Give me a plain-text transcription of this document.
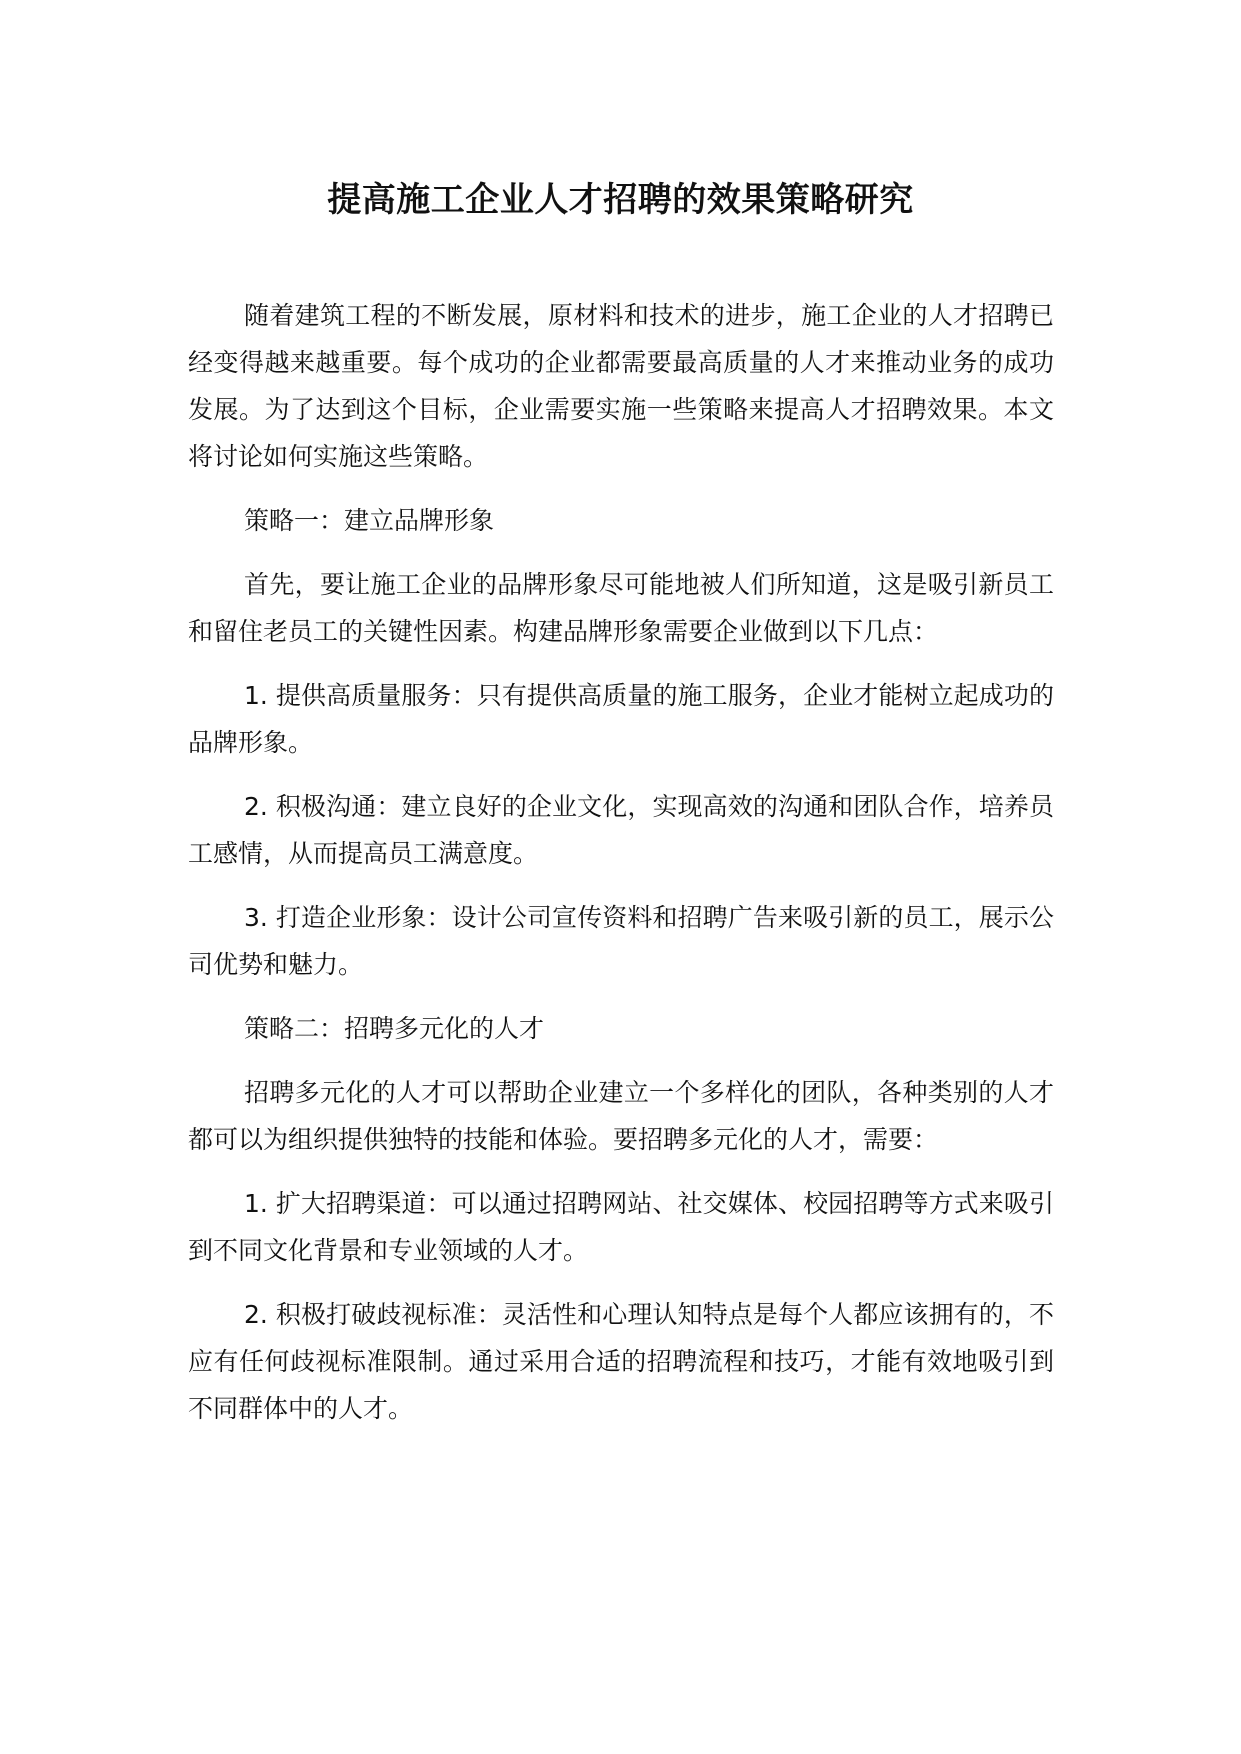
提高施工企业人才招聘的效果策略研究

随着建筑工程的不断发展，原材料和技术的进步，施工企业的人才招聘已经变得越来越重要。每个成功的企业都需要最高质量的人才来推动业务的成功发展。为了达到这个目标，企业需要实施一些策略来提高人才招聘效果。本文将讨论如何实施这些策略。

策略一：建立品牌形象

首先，要让施工企业的品牌形象尽可能地被人们所知道，这是吸引新员工和留住老员工的关键性因素。构建品牌形象需要企业做到以下几点：

1. 提供高质量服务：只有提供高质量的施工服务，企业才能树立起成功的品牌形象。

2. 积极沟通：建立良好的企业文化，实现高效的沟通和团队合作，培养员工感情，从而提高员工满意度。

3. 打造企业形象：设计公司宣传资料和招聘广告来吸引新的员工，展示公司优势和魅力。

策略二：招聘多元化的人才

招聘多元化的人才可以帮助企业建立一个多样化的团队，各种类别的人才都可以为组织提供独特的技能和体验。要招聘多元化的人才，需要：

1. 扩大招聘渠道：可以通过招聘网站、社交媒体、校园招聘等方式来吸引到不同文化背景和专业领域的人才。

2. 积极打破歧视标准：灵活性和心理认知特点是每个人都应该拥有的，不应有任何歧视标准限制。通过采用合适的招聘流程和技巧，才能有效地吸引到不同群体中的人才。
